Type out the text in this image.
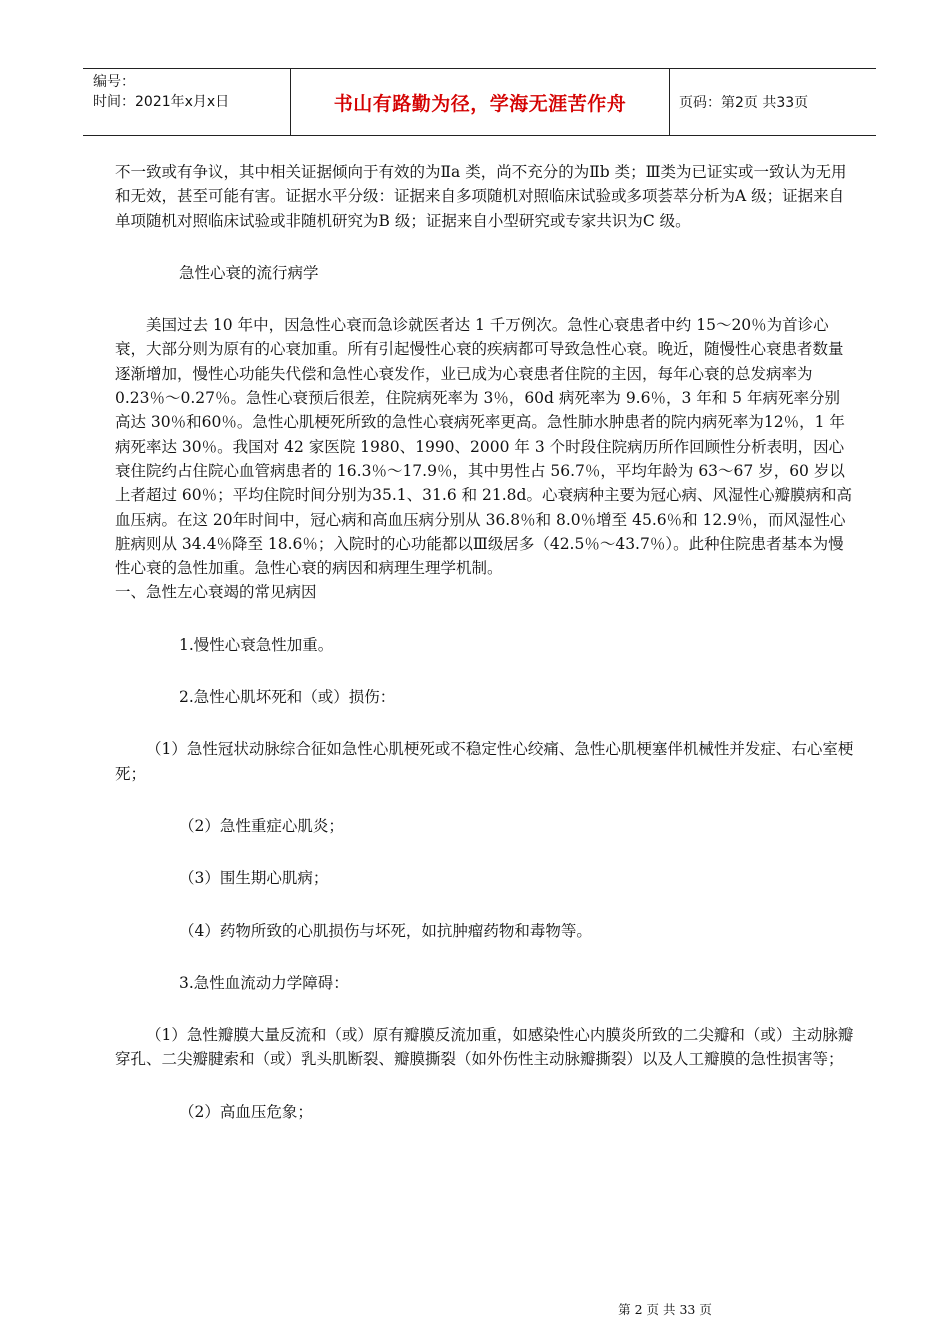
编号：
时间：2021年x月x日	书山有路勤为径，学海无涯苦作舟	页码：第2页 共33页

不一致或有争议，其中相关证据倾向于有效的为Ⅱa 类，尚不充分的为Ⅱb 类；Ⅲ类为已证实或一致认为无用和无效，甚至可能有害。证据水平分级：证据来自多项随机对照临床试验或多项荟萃分析为A 级；证据来自单项随机对照临床试验或非随机研究为B 级；证据来自小型研究或专家共识为C 级。

急性心衰的流行病学

美国过去 10 年中，因急性心衰而急诊就医者达 1 千万例次。急性心衰患者中约 15～20％为首诊心衰，大部分则为原有的心衰加重。所有引起慢性心衰的疾病都可导致急性心衰。晚近，随慢性心衰患者数量逐渐增加，慢性心功能失代偿和急性心衰发作，业已成为心衰患者住院的主因，每年心衰的总发病率为 0.23％～0.27％。急性心衰预后很差，住院病死率为 3％，60d 病死率为 9.6％，3 年和 5 年病死率分别高达 30％和60％。急性心肌梗死所致的急性心衰病死率更高。急性肺水肿患者的院内病死率为12％，1 年病死率达 30％。我国对 42 家医院 1980、1990、2000 年 3 个时段住院病历所作回顾性分析表明，因心衰住院约占住院心血管病患者的 16.3％～17.9％，其中男性占 56.7％，平均年龄为 63～67 岁，60 岁以上者超过 60％；平均住院时间分别为35.1、31.6 和 21.8d。心衰病种主要为冠心病、风湿性心瓣膜病和高血压病。在这 20年时间中，冠心病和高血压病分别从 36.8％和 8.0％增至 45.6％和 12.9％，而风湿性心脏病则从 34.4％降至 18.6％；入院时的心功能都以Ⅲ级居多（42.5％～43.7％）。此种住院患者基本为慢性心衰的急性加重。急性心衰的病因和病理生理学机制。

一、急性左心衰竭的常见病因

1.慢性心衰急性加重。

2.急性心肌坏死和（或）损伤：

（1）急性冠状动脉综合征如急性心肌梗死或不稳定性心绞痛、急性心肌梗塞伴机械性并发症、右心室梗死；

（2）急性重症心肌炎；

（3）围生期心肌病；

（4）药物所致的心肌损伤与坏死，如抗肿瘤药物和毒物等。

3.急性血流动力学障碍：

（1）急性瓣膜大量反流和（或）原有瓣膜反流加重，如感染性心内膜炎所致的二尖瓣和（或）主动脉瓣穿孔、二尖瓣腱索和（或）乳头肌断裂、瓣膜撕裂（如外伤性主动脉瓣撕裂）以及人工瓣膜的急性损害等；

（2）高血压危象；

第 2 页 共 33 页
